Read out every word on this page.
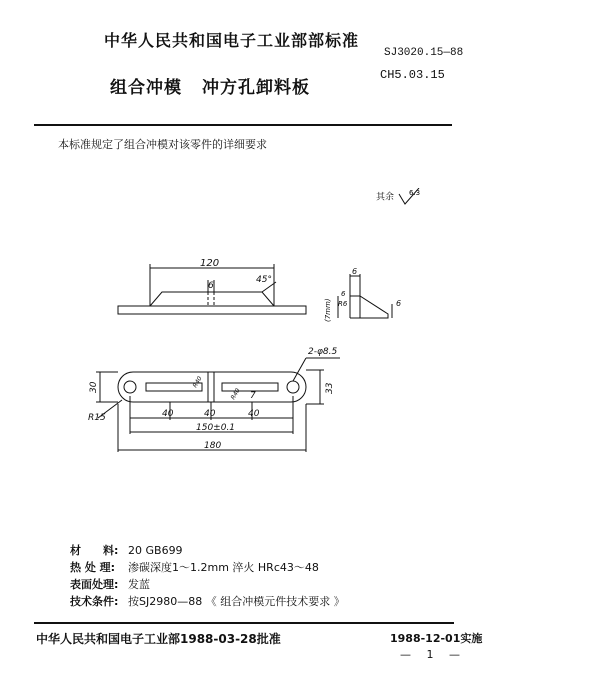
中华人民共和国电子工业部部标准
SJ3020.15—88
CH5.03.15
组合冲模 冲方孔卸料板
本标准规定了组合冲模对该零件的详细要求
其余 6.3
120
6
45°
6
6
R6
(7mm)	6
2-φ8.5
30	33
7
R15
R40
R40
40	40	40
150±0.1
180
材　　料: 20 GB699
热 处 理: 渗碳深度1～1.2mm 淬火 HRc43～48
表面处理: 发蓝
技术条件: 按SJ2980—88 《 组合冲模元件技术要求 》
中华人民共和国电子工业部1988-03-28批准	1988-12-01实施
— 1 —
